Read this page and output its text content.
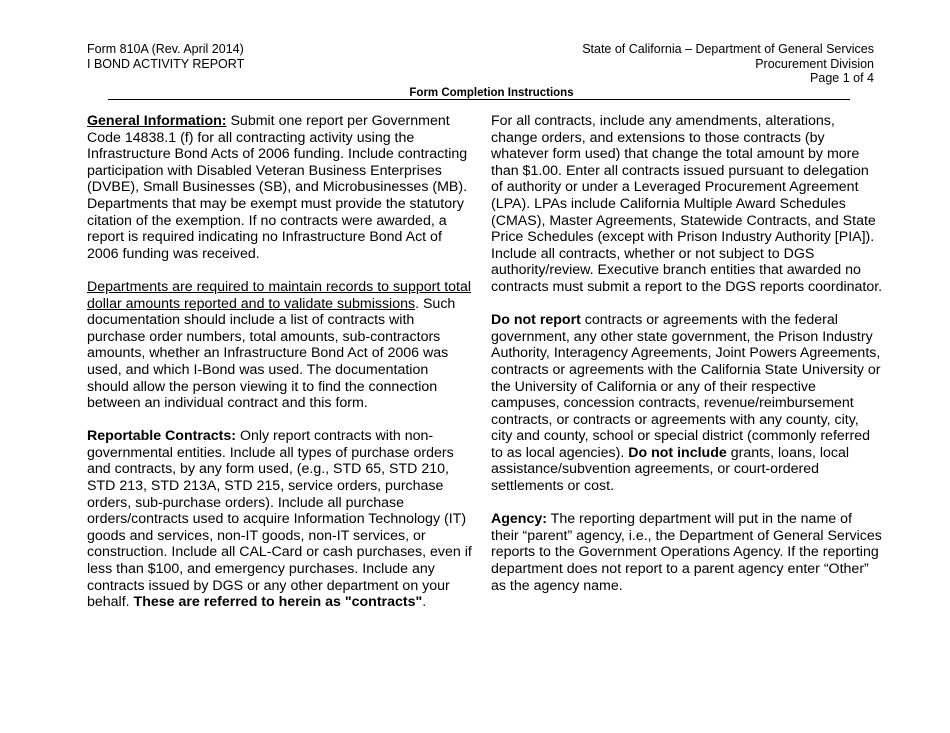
Form 810A (Rev. April 2014)
I BOND ACTIVITY REPORT
State of California – Department of General Services
Procurement Division
Page 1 of 4
Form Completion Instructions

General Information: Submit one report per Government Code 14838.1 (f) for all contracting activity using the Infrastructure Bond Acts of 2006 funding. Include contracting participation with Disabled Veteran Business Enterprises (DVBE), Small Businesses (SB), and Microbusinesses (MB). Departments that may be exempt must provide the statutory citation of the exemption. If no contracts were awarded, a report is required indicating no Infrastructure Bond Act of 2006 funding was received.

Departments are required to maintain records to support total dollar amounts reported and to validate submissions. Such documentation should include a list of contracts with purchase order numbers, total amounts, sub-contractors amounts, whether an Infrastructure Bond Act of 2006 was used, and which I-Bond was used. The documentation should allow the person viewing it to find the connection between an individual contract and this form.

Reportable Contracts: Only report contracts with non-governmental entities. Include all types of purchase orders and contracts, by any form used, (e.g., STD 65, STD 210, STD 213, STD 213A, STD 215, service orders, purchase orders, sub-purchase orders). Include all purchase orders/contracts used to acquire Information Technology (IT) goods and services, non-IT goods, non-IT services, or construction. Include all CAL-Card or cash purchases, even if less than $100, and emergency purchases. Include any contracts issued by DGS or any other department on your behalf. These are referred to herein as "contracts".

For all contracts, include any amendments, alterations, change orders, and extensions to those contracts (by whatever form used) that change the total amount by more than $1.00. Enter all contracts issued pursuant to delegation of authority or under a Leveraged Procurement Agreement (LPA). LPAs include California Multiple Award Schedules (CMAS), Master Agreements, Statewide Contracts, and State Price Schedules (except with Prison Industry Authority [PIA]). Include all contracts, whether or not subject to DGS authority/review. Executive branch entities that awarded no contracts must submit a report to the DGS reports coordinator.

Do not report contracts or agreements with the federal government, any other state government, the Prison Industry Authority, Interagency Agreements, Joint Powers Agreements, contracts or agreements with the California State University or the University of California or any of their respective campuses, concession contracts, revenue/reimbursement contracts, or contracts or agreements with any county, city, city and county, school or special district (commonly referred to as local agencies). Do not include grants, loans, local assistance/subvention agreements, or court-ordered settlements or cost.

Agency: The reporting department will put in the name of their “parent” agency, i.e., the Department of General Services reports to the Government Operations Agency. If the reporting department does not report to a parent agency enter “Other” as the agency name.
